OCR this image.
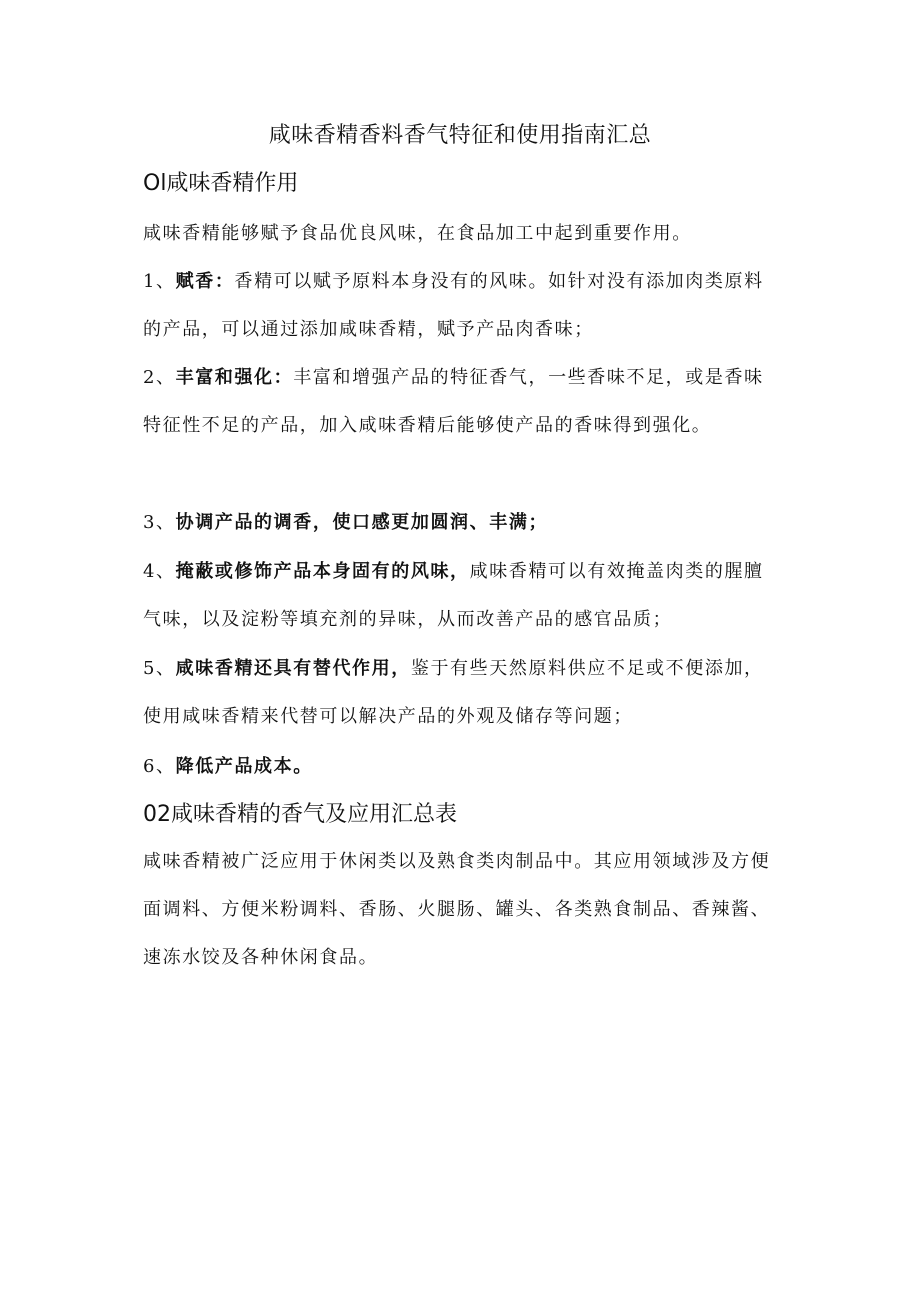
咸味香精香料香气特征和使用指南汇总
Ol咸味香精作用
咸味香精能够赋予食品优良风味，在食品加工中起到重要作用。
1、赋香：香精可以赋予原料本身没有的风味。如针对没有添加肉类原料的产品，可以通过添加咸味香精，赋予产品肉香味；
2、丰富和强化：丰富和增强产品的特征香气，一些香味不足，或是香味特征性不足的产品，加入咸味香精后能够使产品的香味得到强化。
3、协调产品的调香，使口感更加圆润、丰满；
4、掩蔽或修饰产品本身固有的风味，咸味香精可以有效掩盖肉类的腥膻气味，以及淀粉等填充剂的异味，从而改善产品的感官品质；
5、咸味香精还具有替代作用，鉴于有些天然原料供应不足或不便添加，使用咸味香精来代替可以解决产品的外观及储存等问题；
6、降低产品成本。
02咸味香精的香气及应用汇总表
咸味香精被广泛应用于休闲类以及熟食类肉制品中。其应用领域涉及方便面调料、方便米粉调料、香肠、火腿肠、罐头、各类熟食制品、香辣酱、速冻水饺及各种休闲食品。
